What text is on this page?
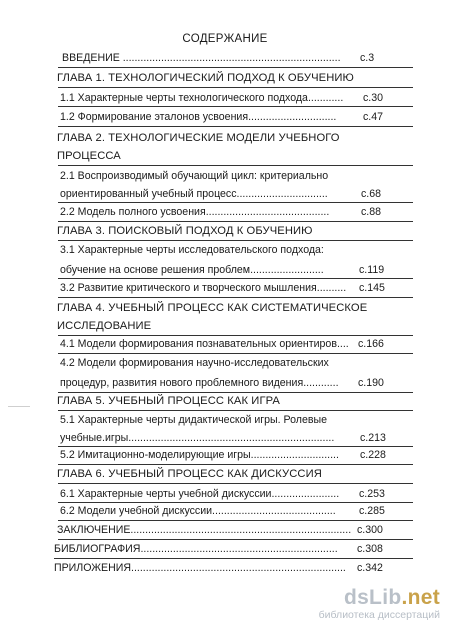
СОДЕРЖАНИЕ
ВВЕДЕНИЕ .......................................................................... с.3
ГЛАВА 1. ТЕХНОЛОГИЧЕСКИЙ ПОДХОД К ОБУЧЕНИЮ
1.1 Характерные черты технологического подхода............ с.30
1.2 Формирование эталонов усвоения..............................	с.47
ГЛАВА 2. ТЕХНОЛОГИЧЕСКИЕ МОДЕЛИ УЧЕБНОГО
ПРОЦЕССА
2.1 Воспроизводимый обучающий цикл: критериально
ориентированный учебный процесс...............................	с.68
2.2 Модель полного усвоения..........................................	с.88
ГЛАВА 3. ПОИСКОВЫЙ ПОДХОД К ОБУЧЕНИЮ
3.1 Характерные черты исследовательского подхода:
обучение на основе решения проблем.........................	с.119
3.2 Развитие критического и творческого мышления.......... с.145
ГЛАВА 4. УЧЕБНЫЙ ПРОЦЕСС КАК СИСТЕМАТИЧЕСКОЕ
ИССЛЕДОВАНИЕ
4.1 Модели формирования познавательных ориентиров.... с.166
4.2 Модели формирования научно-исследовательских
процедур, развития нового проблемного видения............ с.190
ГЛАВА 5. УЧЕБНЫЙ ПРОЦЕСС КАК ИГРА
5.1 Характерные черты дидактической игры. Ролевые
учебные.игры...................................................................... с.213
5.2 Имитационно-моделирующие игры.............................. с.228
ГЛАВА 6. УЧЕБНЫЙ ПРОЦЕСС КАК ДИСКУССИЯ
6.1 Характерные черты учебной дискуссии....................... с.253
6.2 Модели учебной дискуссии.......................................... с.285
ЗАКЛЮЧЕНИЕ........................................................................... с.300
БИБЛИОГРАФИЯ................................................................... с.308
ПРИЛОЖЕНИЯ......................................................................... с.342
dsLib.net
библиотека диссертаций
